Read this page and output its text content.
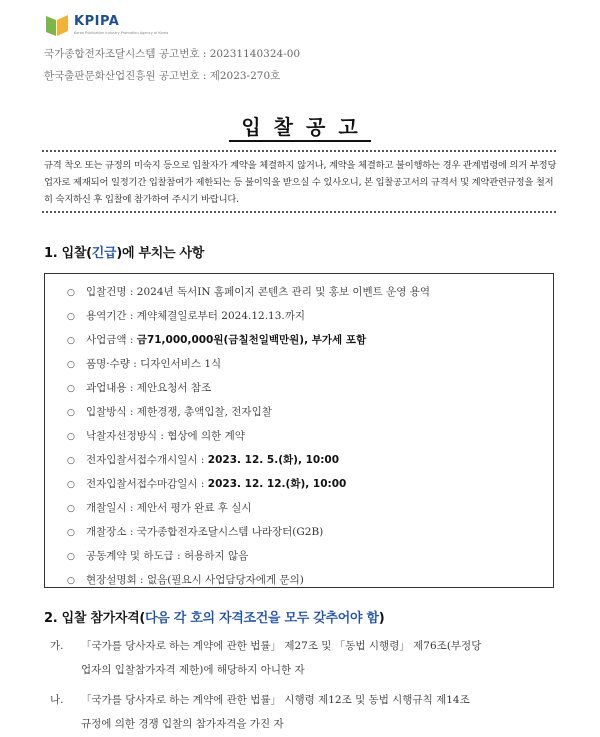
KPIPA
Korea Publication Industry Promotion Agency of Korea
국가종합전자조달시스템 공고번호 : 20231140324-00
한국출판문화산업진흥원 공고번호 : 제2023-270호
입찰공고
규격 착오 또는 규정의 미숙지 등으로 입찰자가 계약을 체결하지 않거나, 계약을 체결하고 불이행하는 경우 관계법령에 의거 부정당업자로 제재되어 일정기간 입찰참여가 제한되는 등 불이익을 받으실 수 있사오니, 본 입찰공고서의 규격서 및 계약관련규정을 철저히 숙지하신 후 입찰에 참가하여 주시기 바랍니다.
1. 입찰(긴급)에 부치는 사항
○ 입찰건명 : 2024년 독서IN 홈페이지 콘텐츠 관리 및 홍보 이벤트 운영 용역
○ 용역기간 : 계약체결일로부터 2024.12.13.까지
○ 사업금액 : 금71,000,000원(금칠천일백만원), 부가세 포함
○ 품명·수량 : 디자인서비스 1식
○ 과업내용 : 제안요청서 참조
○ 입찰방식 : 제한경쟁, 총액입찰, 전자입찰
○ 낙찰자선정방식 : 협상에 의한 계약
○ 전자입찰서접수개시일시 : 2023. 12. 5.(화), 10:00
○ 전자입찰서접수마감일시 : 2023. 12. 12.(화), 10:00
○ 개찰일시 : 제안서 평가 완료 후 실시
○ 개찰장소 : 국가종합전자조달시스템 나라장터(G2B)
○ 공동계약 및 하도급 : 허용하지 않음
○ 현장설명회 : 없음(필요시 사업담당자에게 문의)
2. 입찰 참가자격(다음 각 호의 자격조건을 모두 갖추어야 함)
가. 「국가를 당사자로 하는 계약에 관한 법률」 제27조 및 「동법 시행령」 제76조(부정당
업자의 입찰참가자격 제한)에 해당하지 아니한 자
나. 「국가를 당사자로 하는 계약에 관한 법률」 시행령 제12조 및 동법 시행규칙 제14조
규정에 의한 경쟁 입찰의 참가자격을 가진 자
